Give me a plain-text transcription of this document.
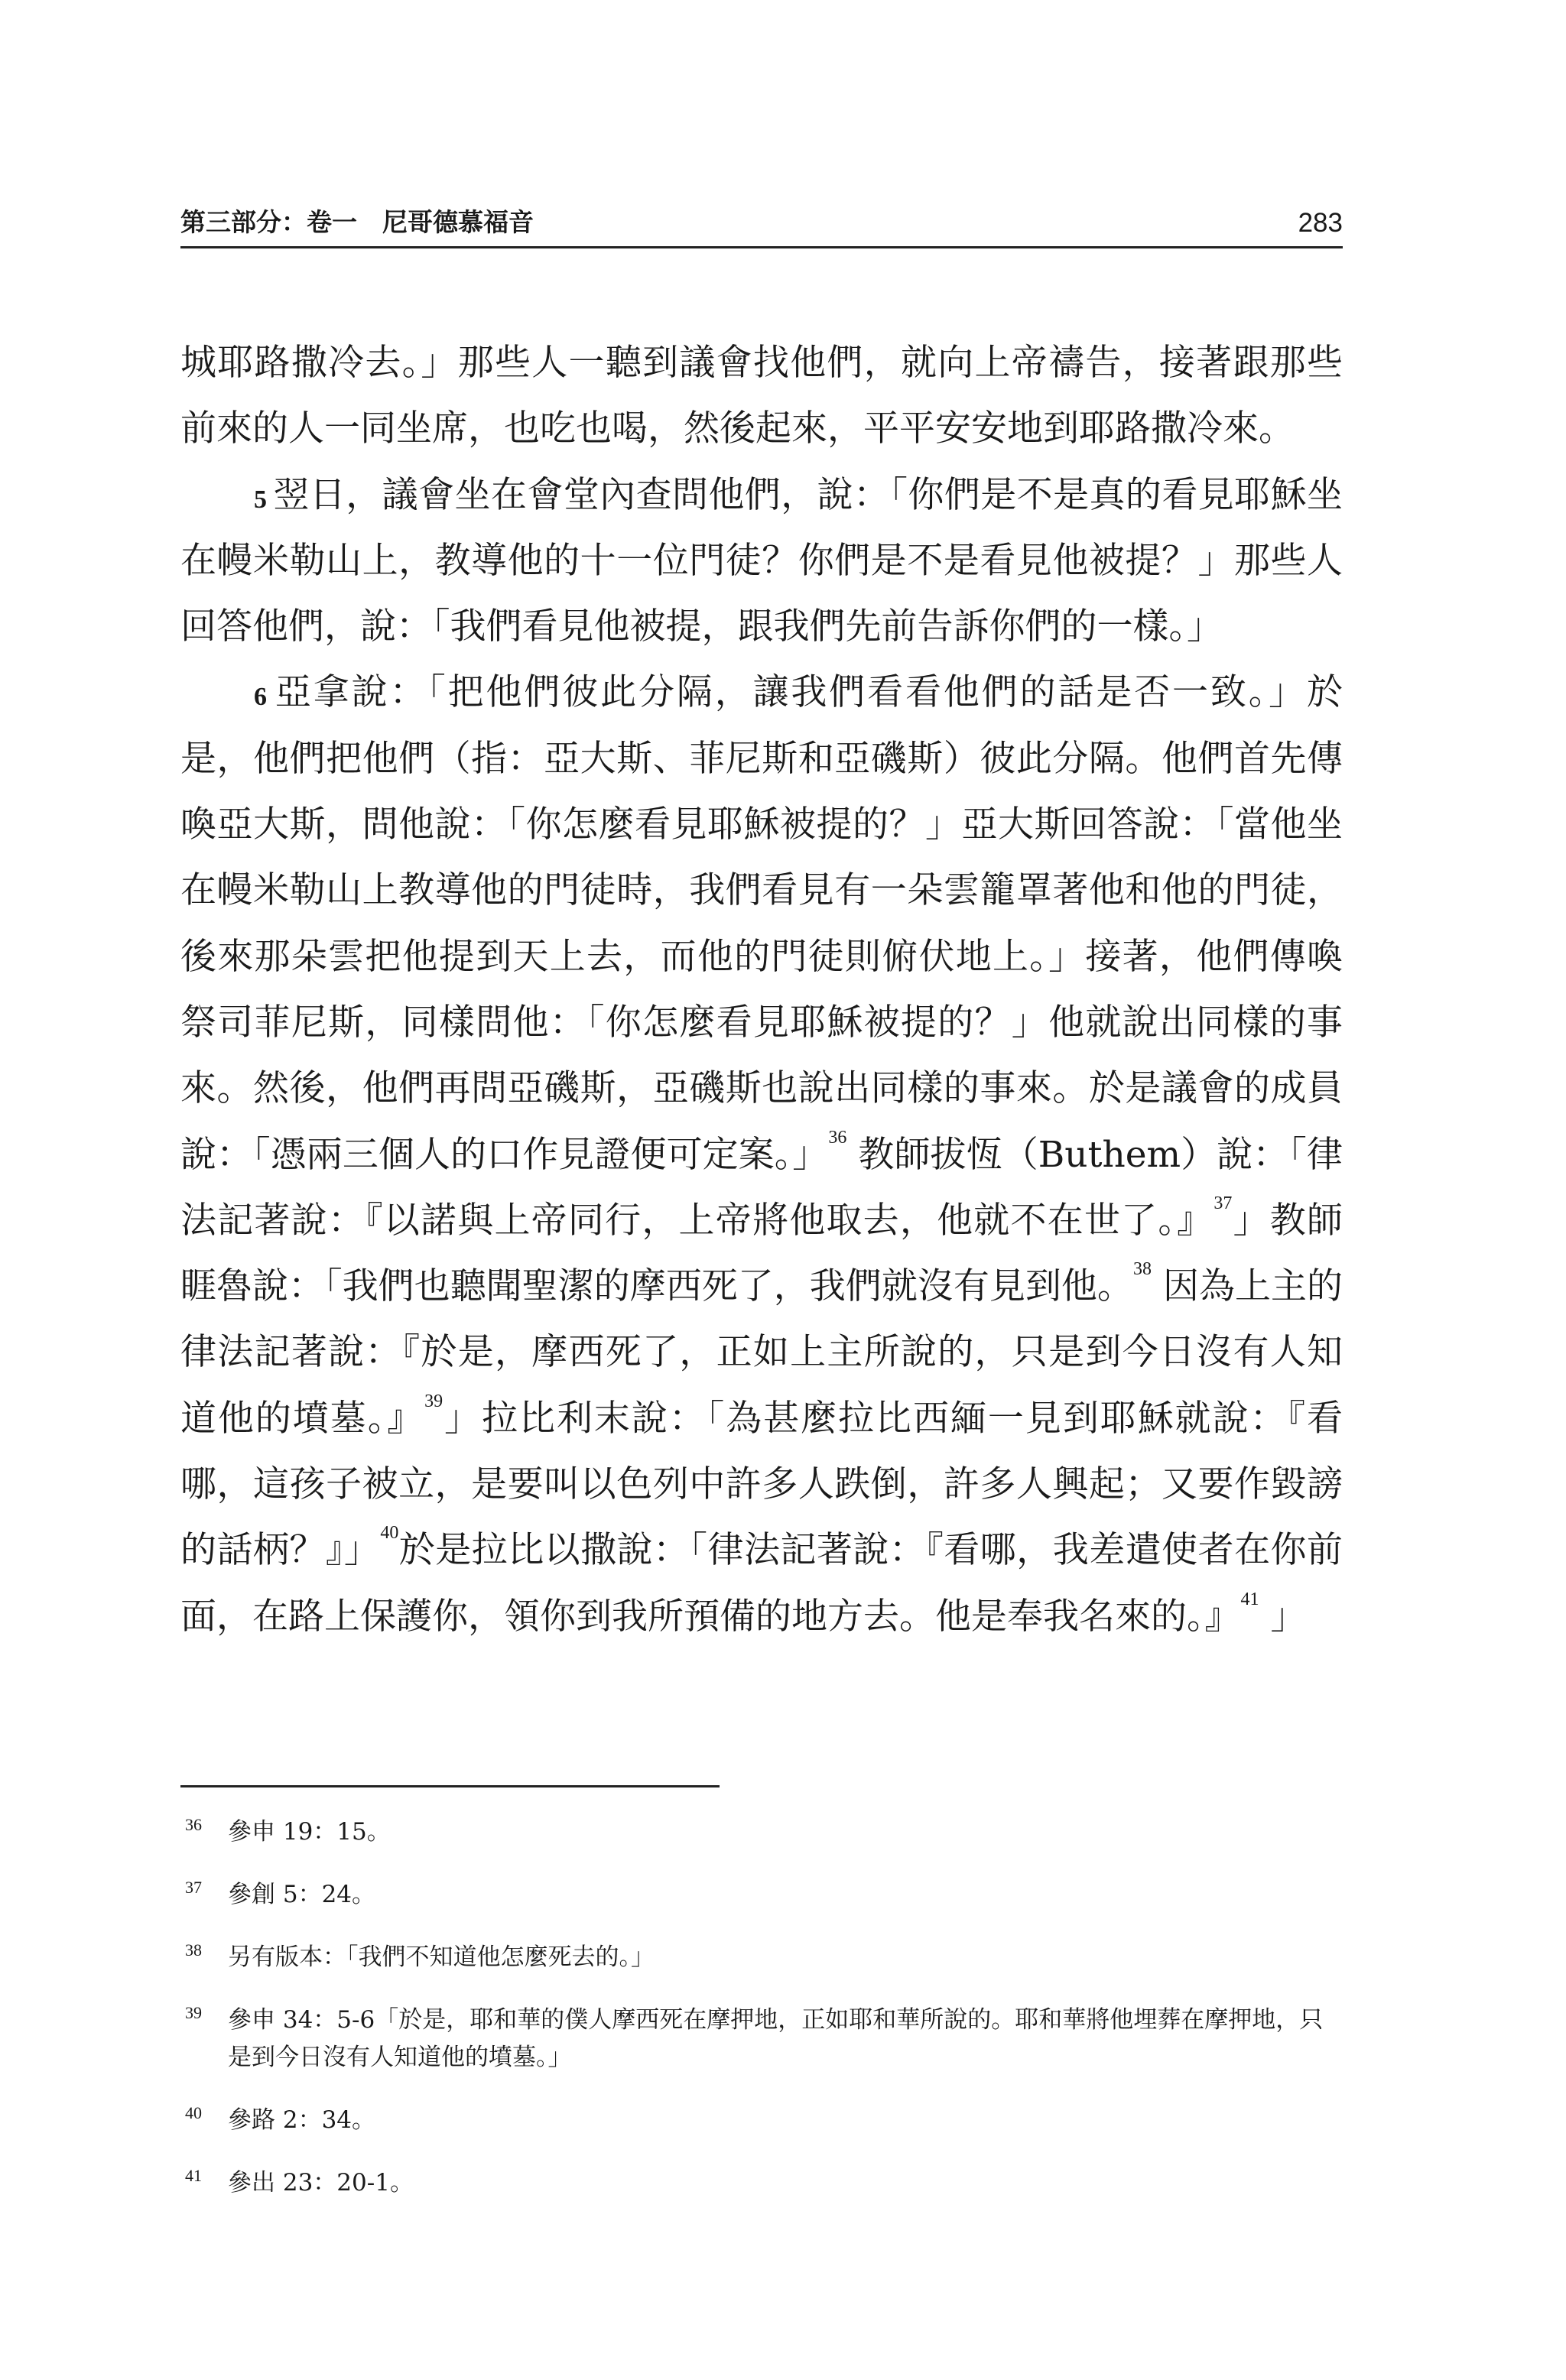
第三部分：卷一　尼哥德慕福音	283

城耶路撒冷去。」那些人一聽到議會找他們，就向上帝禱告，接著跟那些前來的人一同坐席，也吃也喝，然後起來，平平安安地到耶路撒冷來。

$^5$ 翌日，議會坐在會堂內查問他們，說：「你們是不是真的看見耶穌坐在幔米勒山上，教導他的十一位門徒？你們是不是看見他被提？」那些人回答他們，說：「我們看見他被提，跟我們先前告訴你們的一樣。」

$^6$ 亞拿說：「把他們彼此分隔，讓我們看看他們的話是否一致。」於是，他們把他們（指：亞大斯、菲尼斯和亞磯斯）彼此分隔。他們首先傳喚亞大斯，問他說：「你怎麼看見耶穌被提的？」亞大斯回答說：「當他坐在幔米勒山上教導他的門徒時，我們看見有一朵雲籠罩著他和他的門徒，後來那朵雲把他提到天上去，而他的門徒則俯伏地上。」接著，他們傳喚祭司菲尼斯，同樣問他：「你怎麼看見耶穌被提的？」他就說出同樣的事來。然後，他們再問亞磯斯，亞磯斯也說出同樣的事來。於是議會的成員說：「憑兩三個人的口作見證便可定案。」$^{36}$ 教師拔恆（Buthem）說：「律法記著說：『以諾與上帝同行，上帝將他取去，他就不在世了。』$^{37}$」教師睚魯說：「我們也聽聞聖潔的摩西死了，我們就沒有見到他。$^{38}$ 因為上主的律法記著說：『於是，摩西死了，正如上主所說的，只是到今日沒有人知道他的墳墓。』$^{39}$」拉比利末說：「為甚麼拉比西緬一見到耶穌就說：『看哪，這孩子被立，是要叫以色列中許多人跌倒，許多人興起；又要作毀謗的話柄？』」$^{40}$於是拉比以撒說：「律法記著說：『看哪，我差遣使者在你前面，在路上保護你，領你到我所預備的地方去。他是奉我名來的。』$^{41}$ 」

36 參申 19：15。
37 參創 5：24。
38 另有版本：「我們不知道他怎麼死去的。」
39 參申 34：5-6「於是，耶和華的僕人摩西死在摩押地，正如耶和華所說的。耶和華將他埋葬在摩押地，只是到今日沒有人知道他的墳墓。」
40 參路 2：34。
41 參出 23：20-1。
